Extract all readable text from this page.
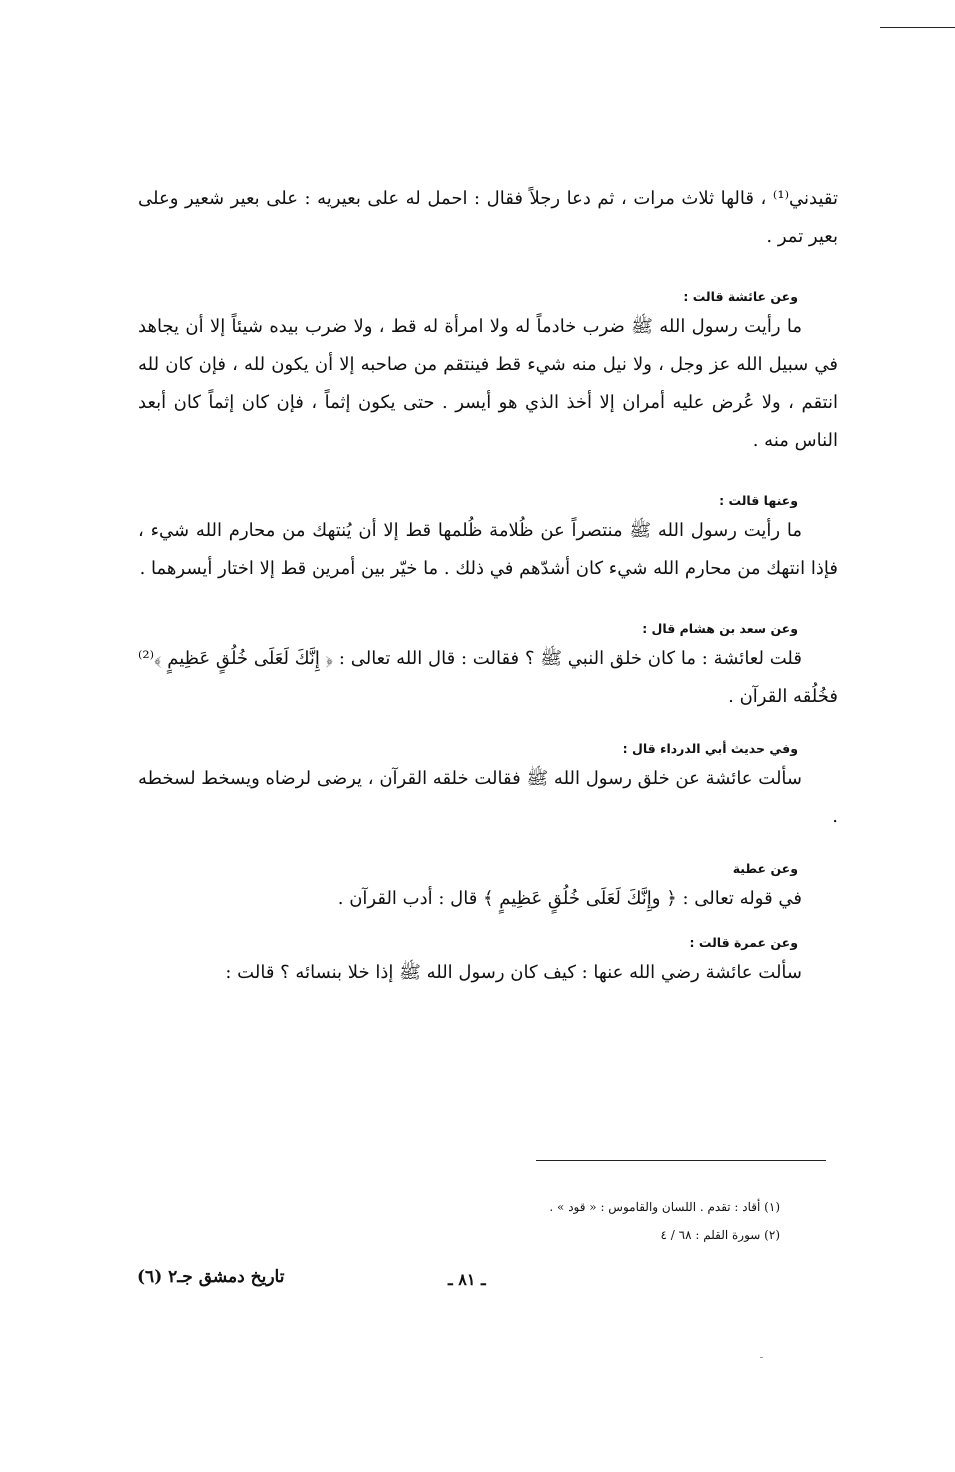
تقيدني⁽¹⁾ ، قالها ثلاث مرات ، ثم دعا رجلاً فقال : احمل له على بعيريه : على بعير شعير وعلى بعير تمر .

وعن عائشة قالت :

ما رأيت رسول الله ﷺ ضرب خادماً له ولا امرأة له قط ، ولا ضرب بيده شيئاً إلا أن يجاهد في سبيل الله عز وجل ، ولا نيل منه شيء قط فينتقم من صاحبه إلا أن يكون لله ، فإن كان لله انتقم ، ولا عُرض عليه أمران إلا أخذ الذي هو أيسر . حتى يكون إثماً ، فإن كان إثماً كان أبعد الناس منه .

وعنها قالت :

ما رأيت رسول الله ﷺ منتصراً عن ظُلامة ظُلمها قط إلا أن يُنتهك من محارم الله شيء ، فإذا انتهك من محارم الله شيء كان أشدّهم في ذلك . ما خيّر بين أمرين قط إلا اختار أيسرهما .

وعن سعد بن هشام قال :

قلت لعائشة : ما كان خلق النبي ﷺ ؟ فقالت : قال الله تعالى : ﴿ إِنَّكَ لَعَلَى خُلُقٍ عَظِيمٍ ﴾⁽²⁾ فخُلُقه القرآن .

وفي حديث أبي الدرداء قال :

سألت عائشة عن خلق رسول الله ﷺ فقالت خلقه القرآن ، يرضى لرضاه ويسخط لسخطه .

وعن عطية

في قوله تعالى : ﴿ وإِنَّكَ لَعَلَى خُلُقٍ عَظِيمٍ ﴾ قال : أدب القرآن .

وعن عمرة قالت :

سألت عائشة رضي الله عنها : كيف كان رسول الله ﷺ إذا خلا بنسائه ؟ قالت :

(١) أقاد : تقدم . اللسان والقاموس : « قود » .

(٢) سورة القلم : ٦٨ / ٤

ـ ٨١ ـ
تاريخ دمشق جـ٢ (٦)
